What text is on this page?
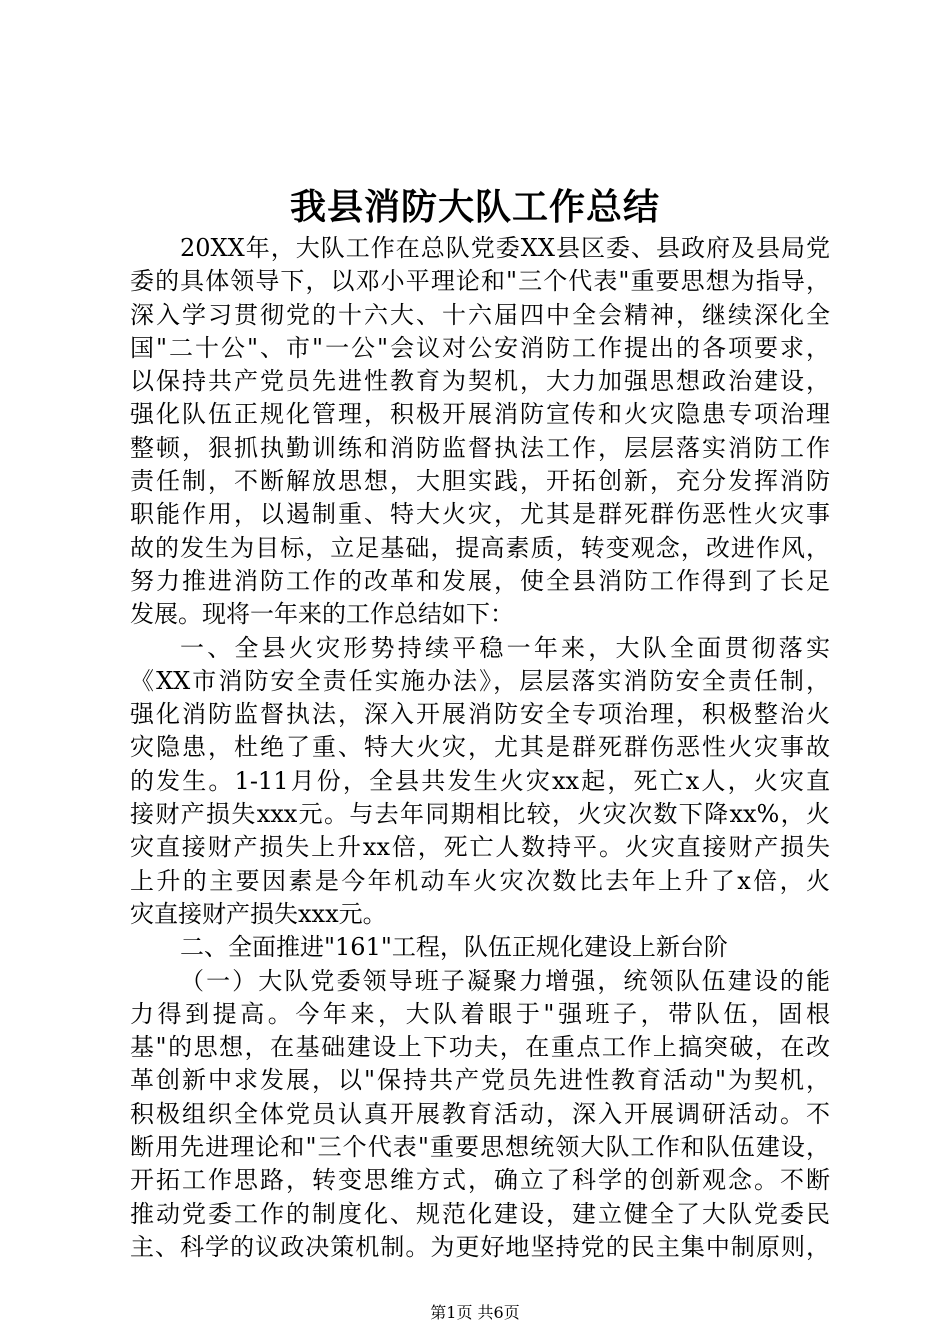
我县消防大队工作总结
20XX年，大队工作在总队党委XX县区委、县政府及县局党
委的具体领导下，以邓小平理论和"三个代表"重要思想为指导，
深入学习贯彻党的十六大、十六届四中全会精神，继续深化全
国"二十公"、市"一公"会议对公安消防工作提出的各项要求，
以保持共产党员先进性教育为契机，大力加强思想政治建设，
强化队伍正规化管理，积极开展消防宣传和火灾隐患专项治理
整顿，狠抓执勤训练和消防监督执法工作，层层落实消防工作
责任制，不断解放思想，大胆实践，开拓创新，充分发挥消防
职能作用，以遏制重、特大火灾，尤其是群死群伤恶性火灾事
故的发生为目标，立足基础，提高素质，转变观念，改进作风，
努力推进消防工作的改革和发展，使全县消防工作得到了长足
发展。现将一年来的工作总结如下：
一、全县火灾形势持续平稳一年来，大队全面贯彻落实
《XX市消防安全责任实施办法》，层层落实消防安全责任制，
强化消防监督执法，深入开展消防安全专项治理，积极整治火
灾隐患，杜绝了重、特大火灾，尤其是群死群伤恶性火灾事故
的发生。1-11月份，全县共发生火灾xx起，死亡x人，火灾直
接财产损失xxx元。与去年同期相比较，火灾次数下降xx%，火
灾直接财产损失上升xx倍，死亡人数持平。火灾直接财产损失
上升的主要因素是今年机动车火灾次数比去年上升了x倍，火
灾直接财产损失xxx元。
二、全面推进"161"工程，队伍正规化建设上新台阶
（一）大队党委领导班子凝聚力增强，统领队伍建设的能
力得到提高。今年来，大队着眼于"强班子，带队伍，固根
基"的思想，在基础建设上下功夫，在重点工作上搞突破，在改
革创新中求发展，以"保持共产党员先进性教育活动"为契机，
积极组织全体党员认真开展教育活动，深入开展调研活动。不
断用先进理论和"三个代表"重要思想统领大队工作和队伍建设，
开拓工作思路，转变思维方式，确立了科学的创新观念。不断
推动党委工作的制度化、规范化建设，建立健全了大队党委民
主、科学的议政决策机制。为更好地坚持党的民主集中制原则，
第1页 共6页
